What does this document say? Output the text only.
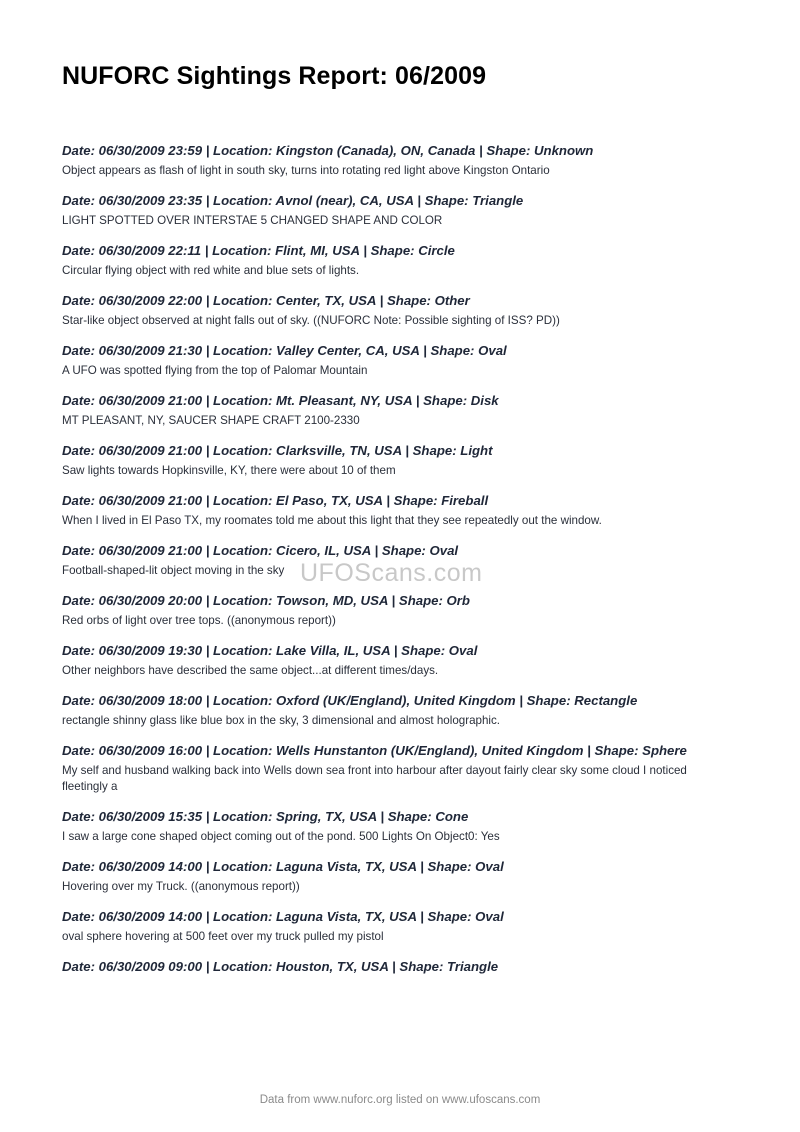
NUFORC Sightings Report: 06/2009
Date: 06/30/2009 23:59 | Location: Kingston (Canada), ON, Canada | Shape: Unknown
Object appears as flash of light in south sky, turns into rotating red light above Kingston Ontario
Date: 06/30/2009 23:35 | Location: Avnol (near), CA, USA | Shape: Triangle
LIGHT SPOTTED OVER INTERSTAE 5 CHANGED SHAPE AND COLOR
Date: 06/30/2009 22:11 | Location: Flint, MI, USA | Shape: Circle
Circular flying object with red white and blue sets of lights.
Date: 06/30/2009 22:00 | Location: Center, TX, USA | Shape: Other
Star-like object observed at night falls out of sky. ((NUFORC Note: Possible sighting of ISS? PD))
Date: 06/30/2009 21:30 | Location: Valley Center, CA, USA | Shape: Oval
A UFO was spotted flying from the top of Palomar Mountain
Date: 06/30/2009 21:00 | Location: Mt. Pleasant, NY, USA | Shape: Disk
MT PLEASANT, NY, SAUCER SHAPE CRAFT 2100-2330
Date: 06/30/2009 21:00 | Location: Clarksville, TN, USA | Shape: Light
Saw lights towards Hopkinsville, KY, there were about 10 of them
Date: 06/30/2009 21:00 | Location: El Paso, TX, USA | Shape: Fireball
When I lived in El Paso TX, my roomates told me about this light that they see repeatedly out the window.
Date: 06/30/2009 21:00 | Location: Cicero, IL, USA | Shape: Oval
Football-shaped-lit object moving in the sky
Date: 06/30/2009 20:00 | Location: Towson, MD, USA | Shape: Orb
Red orbs of light over tree tops. ((anonymous report))
Date: 06/30/2009 19:30 | Location: Lake Villa, IL, USA | Shape: Oval
Other neighbors have described the same object...at different times/days.
Date: 06/30/2009 18:00 | Location: Oxford (UK/England), United Kingdom | Shape: Rectangle
rectangle shinny glass like blue box in the sky, 3 dimensional and almost holographic.
Date: 06/30/2009 16:00 | Location: Wells Hunstanton (UK/England), United Kingdom | Shape: Sphere
My self and husband walking back into Wells down sea front into harbour after dayout fairly clear sky some cloud I noticed fleetingly a
Date: 06/30/2009 15:35 | Location: Spring, TX, USA | Shape: Cone
I saw a large cone shaped object coming out of the pond. 500 Lights On Object0: Yes
Date: 06/30/2009 14:00 | Location: Laguna Vista, TX, USA | Shape: Oval
Hovering over my Truck. ((anonymous report))
Date: 06/30/2009 14:00 | Location: Laguna Vista, TX, USA | Shape: Oval
oval sphere hovering at 500 feet over my truck pulled my pistol
Date: 06/30/2009 09:00 | Location: Houston, TX, USA | Shape: Triangle
UFOScans.com
Data from www.nuforc.org listed on www.ufoscans.com
